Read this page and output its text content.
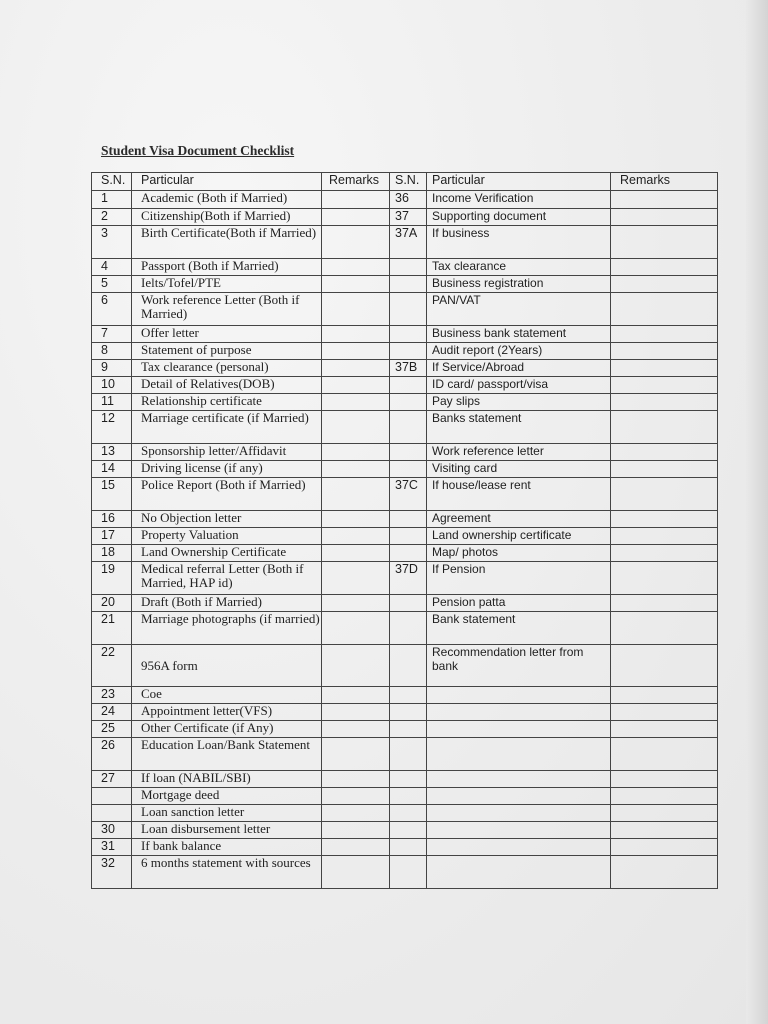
Student Visa Document Checklist
S.N.	Particular	Remarks	S.N.	Particular	Remarks
1	Academic (Both if Married)		36	Income Verification	
2	Citizenship(Both if Married)		37	Supporting document	
3	Birth Certificate(Both if Married)		37A	If business	
4	Passport (Both if Married)			Tax clearance	
5	Ielts/Tofel/PTE			Business registration	
6	Work reference Letter (Both if Married)			PAN/VAT	
7	Offer letter			Business bank statement	
8	Statement of purpose			Audit report (2Years)	
9	Tax clearance (personal)		37B	If Service/Abroad	
10	Detail of Relatives(DOB)			ID card/ passport/visa	
11	Relationship certificate			Pay slips	
12	Marriage certificate (if Married)			Banks statement	
13	Sponsorship letter/Affidavit			Work reference letter	
14	Driving license (if any)			Visiting card	
15	Police Report (Both if Married)		37C	If house/lease rent	
16	No Objection letter			Agreement	
17	Property Valuation			Land ownership certificate	
18	Land Ownership Certificate			Map/ photos	
19	Medical referral Letter (Both if Married, HAP id)		37D	If Pension	
20	Draft (Both if Married)			Pension patta	
21	Marriage photographs (if married)			Bank statement	
22	956A form			Recommendation letter from bank	
23	Coe				
24	Appointment letter(VFS)				
25	Other Certificate (if Any)				
26	Education Loan/Bank Statement				
27	If loan (NABIL/SBI)				
	Mortgage deed				
	Loan sanction letter				
30	Loan disbursement letter				
31	If bank balance				
32	6 months statement with sources				
